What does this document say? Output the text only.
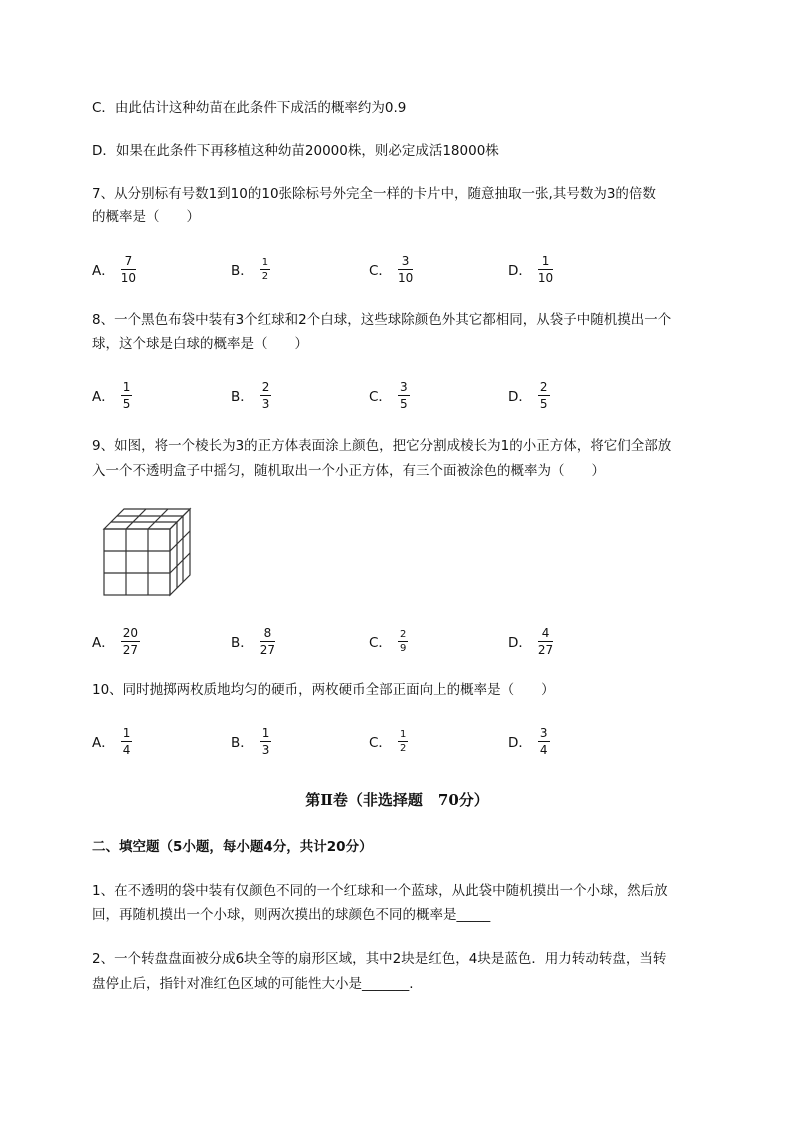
C．由此估计这种幼苗在此条件下成活的概率约为0.9
D．如果在此条件下再移植这种幼苗20000株，则必定成活18000株
7、从分别标有号数1到10的10张除标号外完全一样的卡片中，随意抽取一张,其号数为3的倍数
的概率是（　　）
A． $\frac{7}{10}$	B． $\frac{1}{2}$	C． $\frac{3}{10}$	D． $\frac{1}{10}$
8、一个黑色布袋中装有3个红球和2个白球，这些球除颜色外其它都相同，从袋子中随机摸出一个
球，这个球是白球的概率是（　　）
A． $\frac{1}{5}$	B． $\frac{2}{3}$	C． $\frac{3}{5}$	D． $\frac{2}{5}$
9、如图，将一个棱长为3的正方体表面涂上颜色，把它分割成棱长为1的小正方体，将它们全部放
入一个不透明盒子中摇匀，随机取出一个小正方体，有三个面被涂色的概率为（　　）
A． $\frac{20}{27}$	B． $\frac{8}{27}$	C． $\frac{2}{9}$	D． $\frac{4}{27}$
10、同时抛掷两枚质地均匀的硬币，两枚硬币全部正面向上的概率是（　　）
A． $\frac{1}{4}$	B． $\frac{1}{3}$	C． $\frac{1}{2}$	D． $\frac{3}{4}$
第Ⅱ卷（非选择题　70分）
二、填空题（5小题，每小题4分，共计20分）
1、在不透明的袋中装有仅颜色不同的一个红球和一个蓝球，从此袋中随机摸出一个小球，然后放
回，再随机摸出一个小球，则两次摸出的球颜色不同的概率是_____
2、一个转盘盘面被分成6块全等的扇形区域，其中2块是红色，4块是蓝色．用力转动转盘，当转
盘停止后，指针对准红色区域的可能性大小是_______.
